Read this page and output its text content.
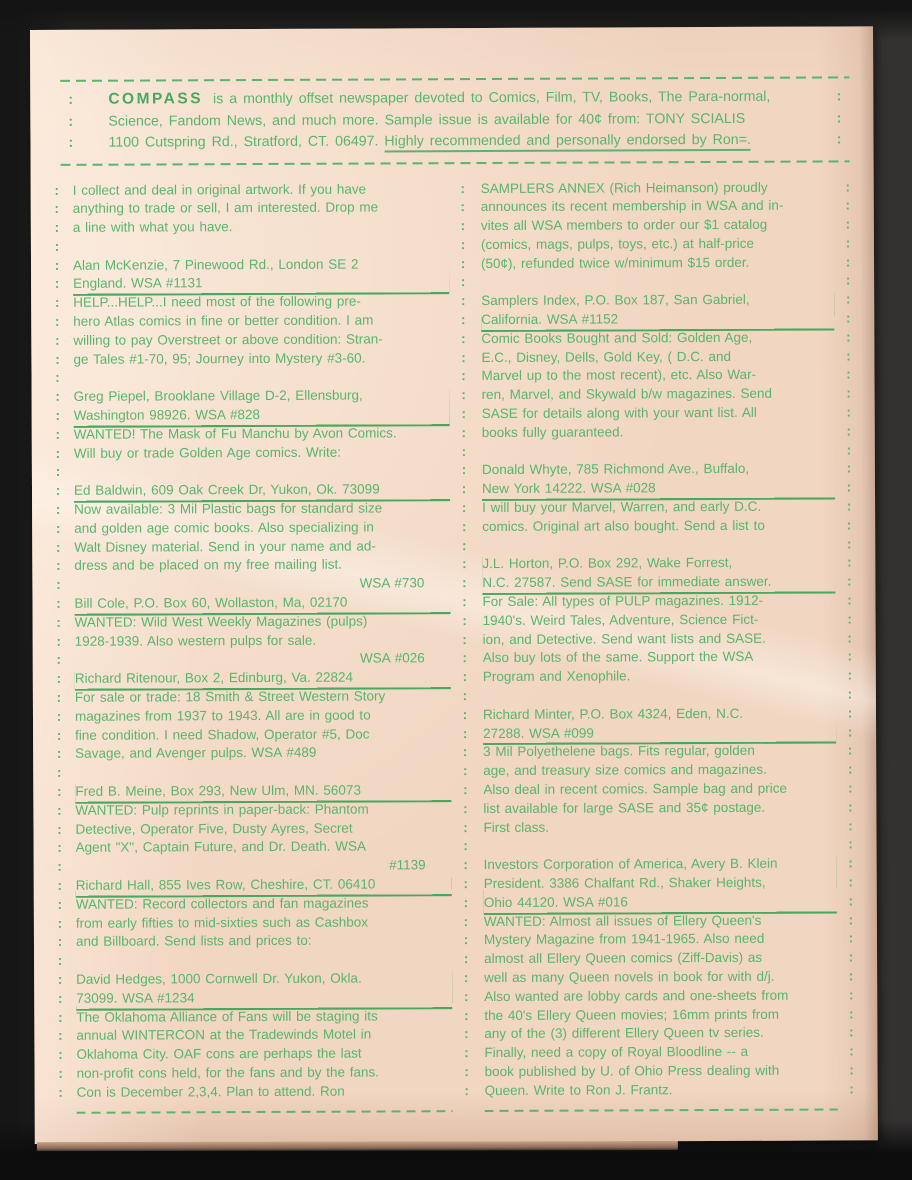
:	COMPASS is a monthly offset newspaper devoted to Comics, Film, TV, Books, The Para-normal,	:
:	Science, Fandom News, and much more. Sample issue is available for 40¢ from: TONY SCIALIS	:
:	1100 Cutspring Rd., Stratford, CT. 06497. Highly recommended and personally endorsed by Ron=.	:
:
:
:
:
:
:
:
:
:
:
:
:
:
:
:
:
:
:
:
:
:
:
:
:
:
:
:
:
:
:
:
:
:
:
:
:
:
:
:
:
:
:
:
:
:
:
:
:
:
I collect and deal in original artwork. If you have
anything to trade or sell, I am interested. Drop me
a line with what you have.
Alan McKenzie, 7 Pinewood Rd., London SE 2
England. WSA #1131
HELP...HELP...I need most of the following pre-
hero Atlas comics in fine or better condition. I am
willing to pay Overstreet or above condition: Stran-
ge Tales #1-70, 95; Journey into Mystery #3-60.
Greg Piepel, Brooklane Village D-2, Ellensburg,
Washington 98926. WSA #828
WANTED! The Mask of Fu Manchu by Avon Comics.
Will buy or trade Golden Age comics. Write:
Ed Baldwin, 609 Oak Creek Dr, Yukon, Ok. 73099
Now available: 3 Mil Plastic bags for standard size
and golden age comic books. Also specializing in
Walt Disney material. Send in your name and ad-
dress and be placed on my free mailing list.
WSA #730
Bill Cole, P.O. Box 60, Wollaston, Ma, 02170
WANTED: Wild West Weekly Magazines (pulps)
1928-1939. Also western pulps for sale.
WSA #026
Richard Ritenour, Box 2, Edinburg, Va. 22824
For sale or trade: 18 Smith & Street Western Story
magazines from 1937 to 1943. All are in good to
fine condition. I need Shadow, Operator #5, Doc
Savage, and Avenger pulps. WSA #489
Fred B. Meine, Box 293, New Ulm, MN. 56073
WANTED: Pulp reprints in paper-back: Phantom
Detective, Operator Five, Dusty Ayres, Secret
Agent "X", Captain Future, and Dr. Death. WSA
#1139
Richard Hall, 855 Ives Row, Cheshire, CT. 06410
WANTED: Record collectors and fan magazines
from early fifties to mid-sixties such as Cashbox
and Billboard. Send lists and prices to:
David Hedges, 1000 Cornwell Dr. Yukon, Okla.
73099. WSA #1234
The Oklahoma Alliance of Fans will be staging its
annual WINTERCON at the Tradewinds Motel in
Oklahoma City. OAF cons are perhaps the last
non-profit cons held, for the fans and by the fans.
Con is December 2,3,4. Plan to attend. Ron
:
:
:
:
:
:
:
:
:
:
:
:
:
:
:
:
:
:
:
:
:
:
:
:
:
:
:
:
:
:
:
:
:
:
:
:
:
:
:
:
:
:
:
:
:
:
:
:
:
SAMPLERS ANNEX (Rich Heimanson) proudly
announces its recent membership in WSA and in-
vites all WSA members to order our $1 catalog
(comics, mags, pulps, toys, etc.) at half-price
(50¢), refunded twice w/minimum $15 order.
Samplers Index, P.O. Box 187, San Gabriel,
California. WSA #1152
Comic Books Bought and Sold: Golden Age,
E.C., Disney, Dells, Gold Key, ( D.C. and
Marvel up to the most recent), etc. Also War-
ren, Marvel, and Skywald b/w magazines. Send
SASE for details along with your want list. All
books fully guaranteed.
Donald Whyte, 785 Richmond Ave., Buffalo,
New York 14222. WSA #028
I will buy your Marvel, Warren, and early D.C.
comics. Original art also bought. Send a list to
J.L. Horton, P.O. Box 292, Wake Forrest,
N.C. 27587. Send SASE for immediate answer.
For Sale: All types of PULP magazines. 1912-
1940's. Weird Tales, Adventure, Science Fict-
ion, and Detective. Send want lists and SASE.
Also buy lots of the same. Support the WSA
Program and Xenophile.
Richard Minter, P.O. Box 4324, Eden, N.C.
27288. WSA #099
3 Mil Polyethelene bags. Fits regular, golden
age, and treasury size comics and magazines.
Also deal in recent comics. Sample bag and price
list available for large SASE and 35¢ postage.
First class.
Investors Corporation of America, Avery B. Klein
President. 3386 Chalfant Rd., Shaker Heights,
Ohio 44120. WSA #016
WANTED: Almost all issues of Ellery Queen's
Mystery Magazine from 1941-1965. Also need
almost all Ellery Queen comics (Ziff-Davis) as
well as many Queen novels in book for with d/j.
Also wanted are lobby cards and one-sheets from
the 40's Ellery Queen movies; 16mm prints from
any of the (3) different Ellery Queen tv series.
Finally, need a copy of Royal Bloodline -- a
book published by U. of Ohio Press dealing with
Queen. Write to Ron J. Frantz.
:
:
:
:
:
:
:
:
:
:
:
:
:
:
:
:
:
:
:
:
:
:
:
:
:
:
:
:
:
:
:
:
:
:
:
:
:
:
:
:
:
:
:
:
:
:
:
:
:
